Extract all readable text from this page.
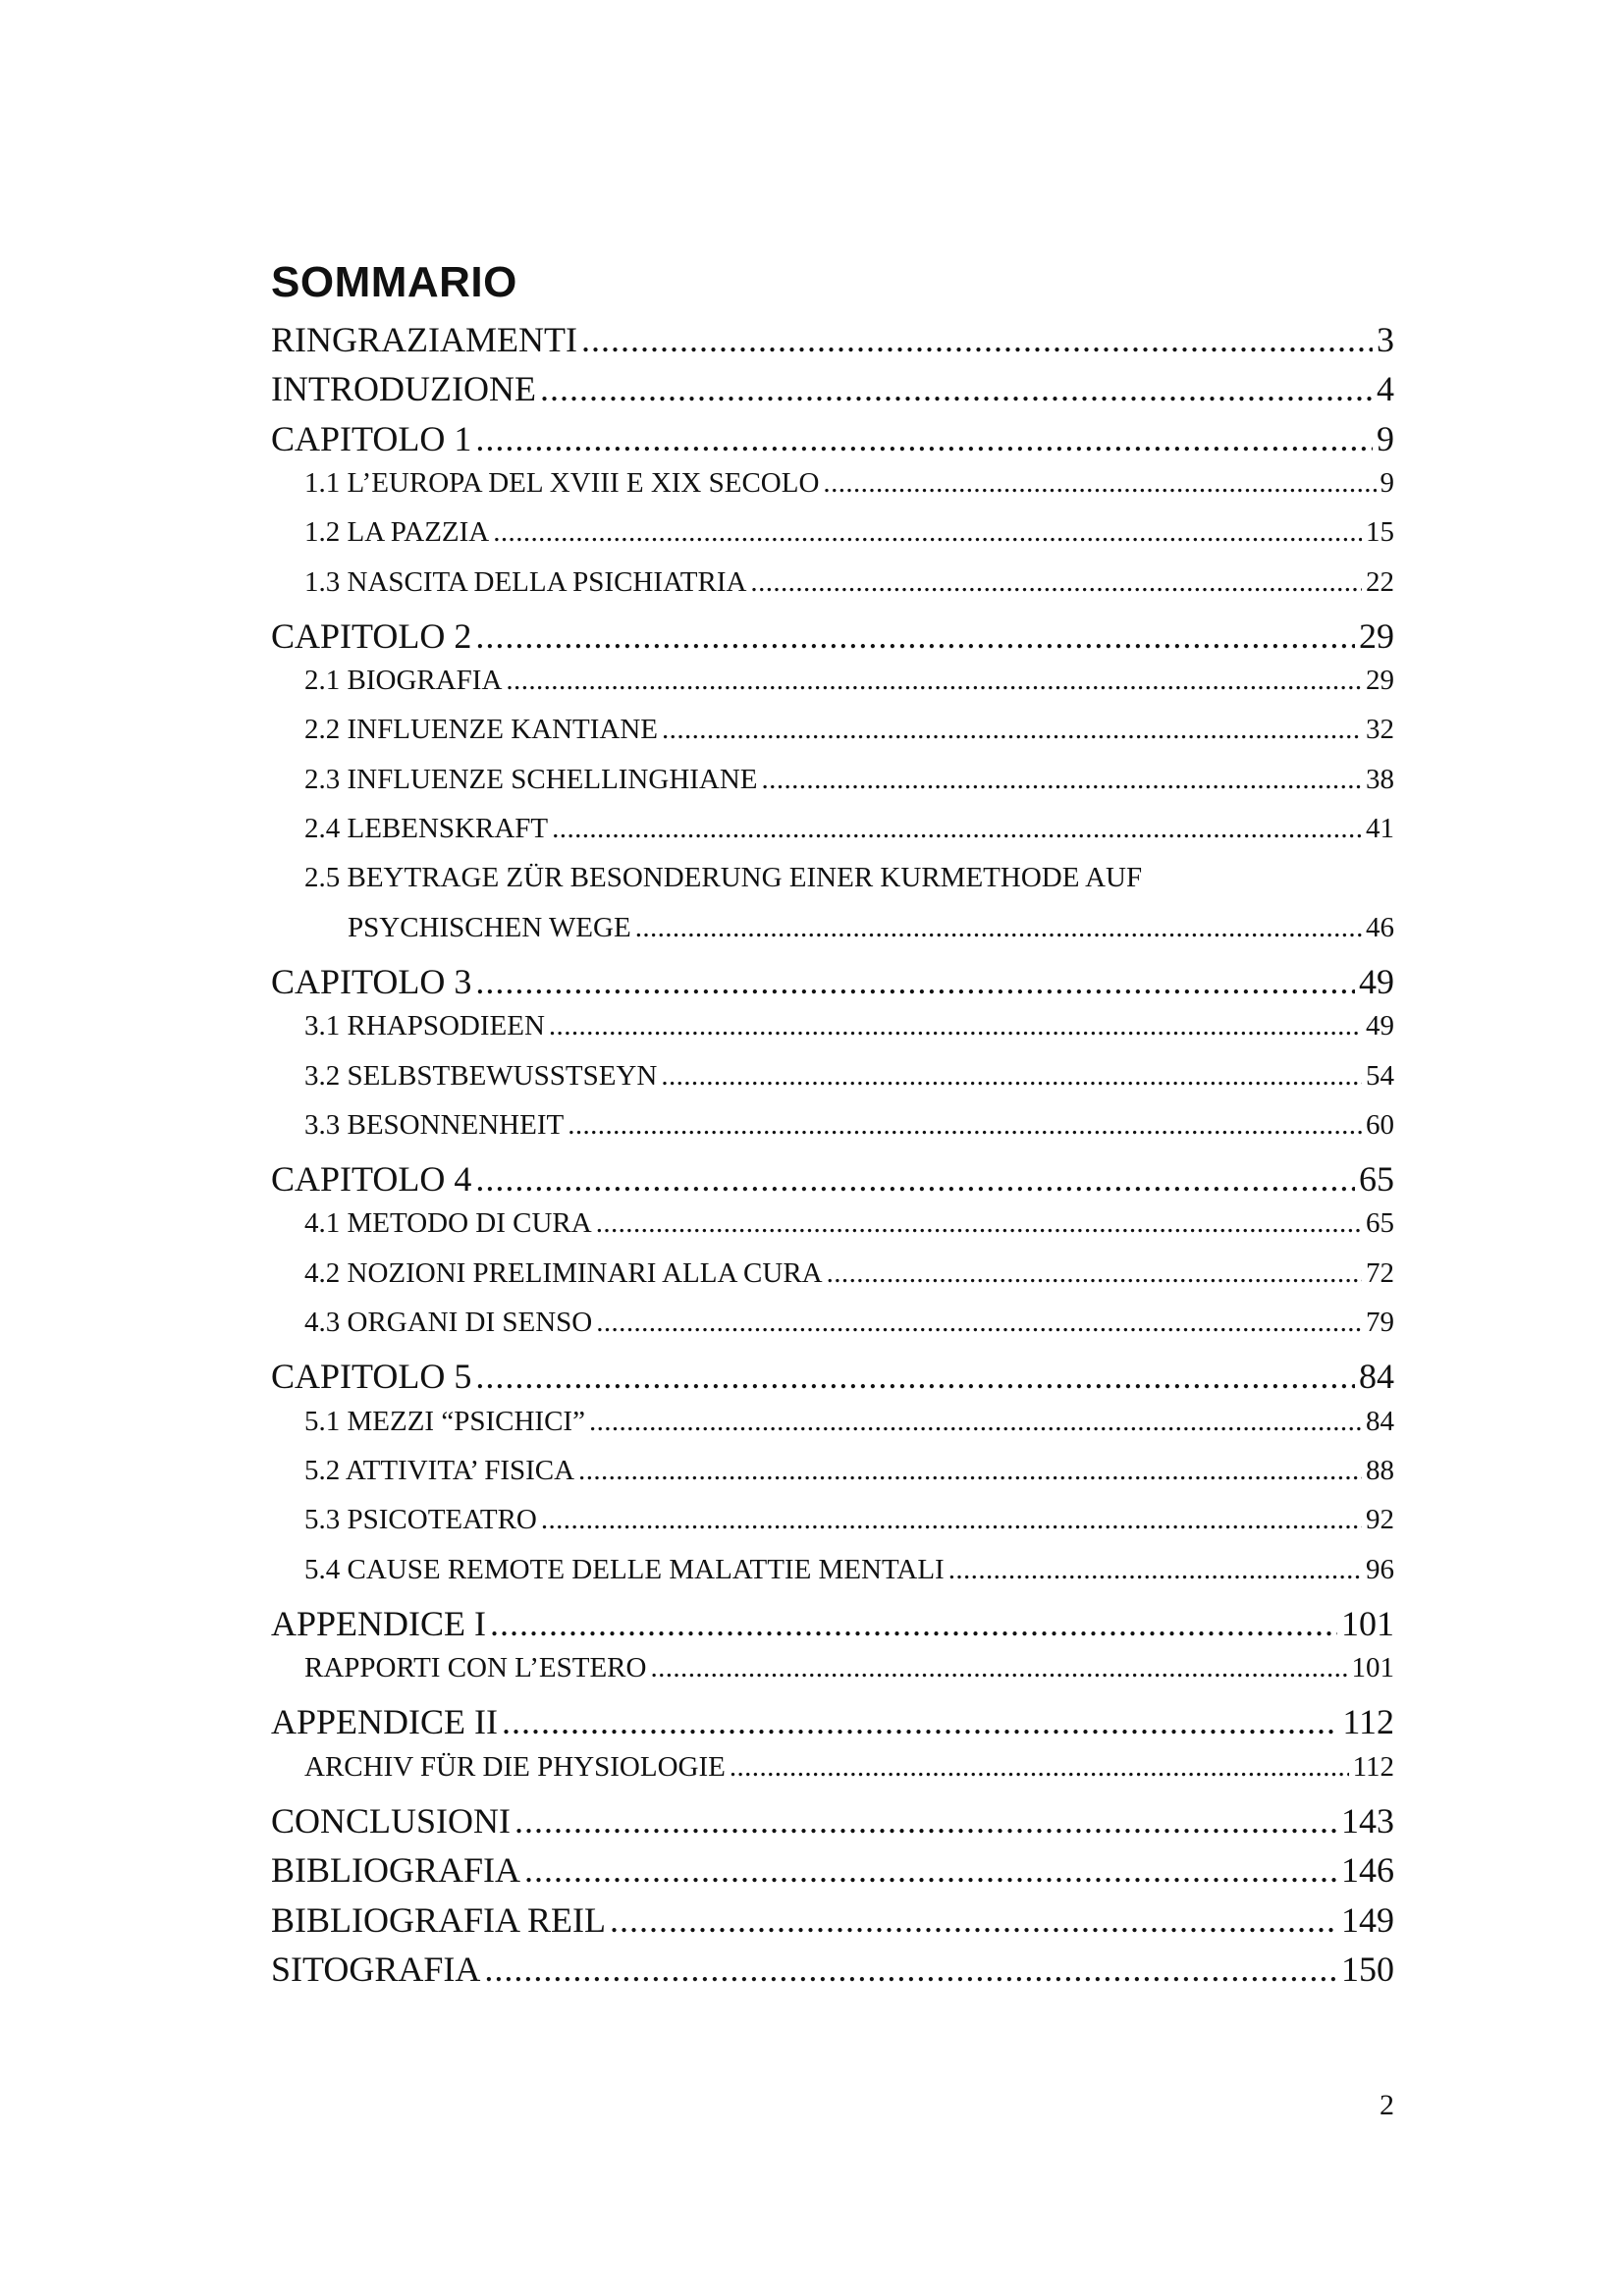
SOMMARIO
RINGRAZIAMENTI .....	3
INTRODUZIONE .....	4
CAPITOLO 1 .....	9
1.1 L’EUROPA DEL XVIII E XIX SECOLO .....	9
1.2 LA PAZZIA .....	15
1.3 NASCITA DELLA PSICHIATRIA .....	22
CAPITOLO 2 .....	29
2.1 BIOGRAFIA .....	29
2.2 INFLUENZE KANTIANE .....	32
2.3 INFLUENZE SCHELLINGHIANE .....	38
2.4 LEBENSKRAFT .....	41
2.5 BEYTRAGE ZÜR BESONDERUNG EINER KURMETHODE AUF
PSYCHISCHEN WEGE .....	46
CAPITOLO 3 .....	49
3.1 RHAPSODIEEN .....	49
3.2 SELBSTBEWUSSTSEYN .....	54
3.3 BESONNENHEIT .....	60
CAPITOLO 4 .....	65
4.1 METODO DI CURA .....	65
4.2 NOZIONI PRELIMINARI ALLA CURA .....	72
4.3 ORGANI DI SENSO .....	79
CAPITOLO 5 .....	84
5.1 MEZZI “PSICHICI” .....	84
5.2 ATTIVITA’ FISICA .....	88
5.3 PSICOTEATRO .....	92
5.4 CAUSE REMOTE DELLE MALATTIE MENTALI .....	96
APPENDICE I .....	101
RAPPORTI CON L’ESTERO .....	101
APPENDICE II .....	112
ARCHIV FÜR DIE PHYSIOLOGIE .....	112
CONCLUSIONI .....	143
BIBLIOGRAFIA .....	146
BIBLIOGRAFIA REIL .....	149
SITOGRAFIA .....	150
2
